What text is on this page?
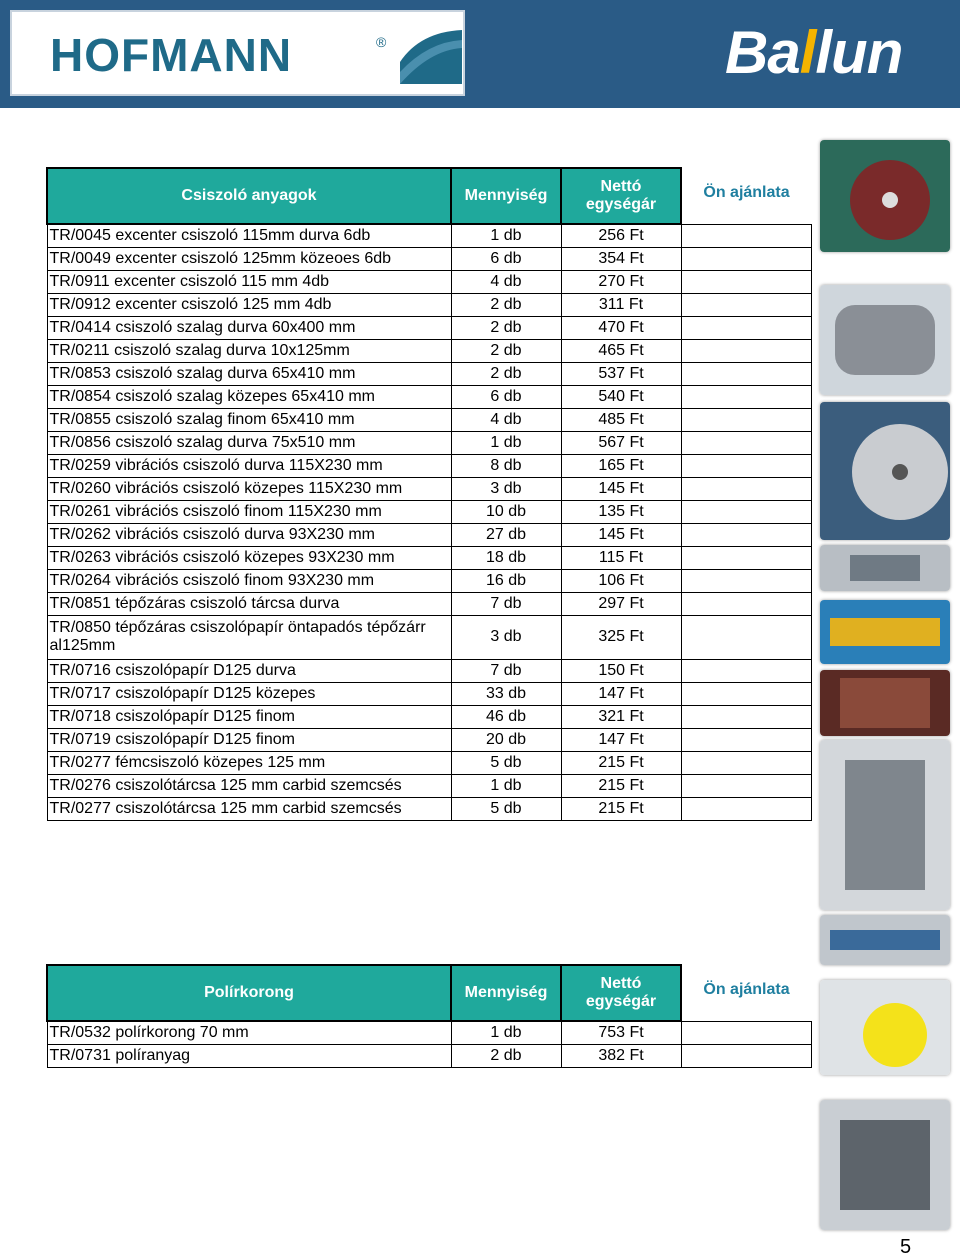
HOFMANN	®	Ballun
Csiszoló anyagok	Mennyiség	Nettó egységár	Ön ajánlata
TR/0045 excenter csiszoló 115mm durva 6db	1 db	256 Ft	
TR/0049 excenter csiszoló 125mm közeoes 6db	6 db	354 Ft	
TR/0911 excenter csiszoló 115 mm 4db	4 db	270 Ft	
TR/0912 excenter csiszoló 125 mm 4db	2 db	311 Ft	
TR/0414 csiszoló szalag durva 60x400 mm	2 db	470 Ft	
TR/0211 csiszoló szalag durva 10x125mm	2 db	465 Ft	
TR/0853 csiszoló szalag durva 65x410 mm	2 db	537 Ft	
TR/0854 csiszoló szalag közepes 65x410 mm	6 db	540 Ft	
TR/0855 csiszoló szalag finom 65x410 mm	4 db	485 Ft	
TR/0856 csiszoló szalag durva 75x510 mm	1 db	567 Ft	
TR/0259 vibrációs csiszoló durva 115X230 mm	8 db	165 Ft	
TR/0260 vibrációs csiszoló közepes 115X230 mm	3 db	145 Ft	
TR/0261 vibrációs csiszoló finom 115X230 mm	10 db	135 Ft	
TR/0262 vibrációs csiszoló durva 93X230 mm	27 db	145 Ft	
TR/0263 vibrációs csiszoló közepes 93X230 mm	18 db	115 Ft	
TR/0264 vibrációs csiszoló finom 93X230 mm	16 db	106 Ft	
TR/0851 tépőzáras csiszoló tárcsa durva	7 db	297 Ft	
TR/0850 tépőzáras csiszolópapír öntapadós tépőzárr al125mm	3 db	325 Ft	
TR/0716 csiszolópapír D125 durva	7 db	150 Ft	
TR/0717 csiszolópapír D125 közepes	33 db	147 Ft	
TR/0718 csiszolópapír D125 finom	46 db	321 Ft	
TR/0719 csiszolópapír D125 finom	20 db	147 Ft	
TR/0277 fémcsiszoló közepes 125 mm	5 db	215 Ft	
TR/0276 csiszolótárcsa 125 mm carbid szemcsés	1 db	215 Ft	
TR/0277 csiszolótárcsa 125 mm carbid szemcsés	5 db	215 Ft	
Polírkorong	Mennyiség	Nettó egységár	Ön ajánlata
TR/0532 polírkorong 70 mm	1 db	753 Ft	
TR/0731 políranyag	2 db	382 Ft	
5
